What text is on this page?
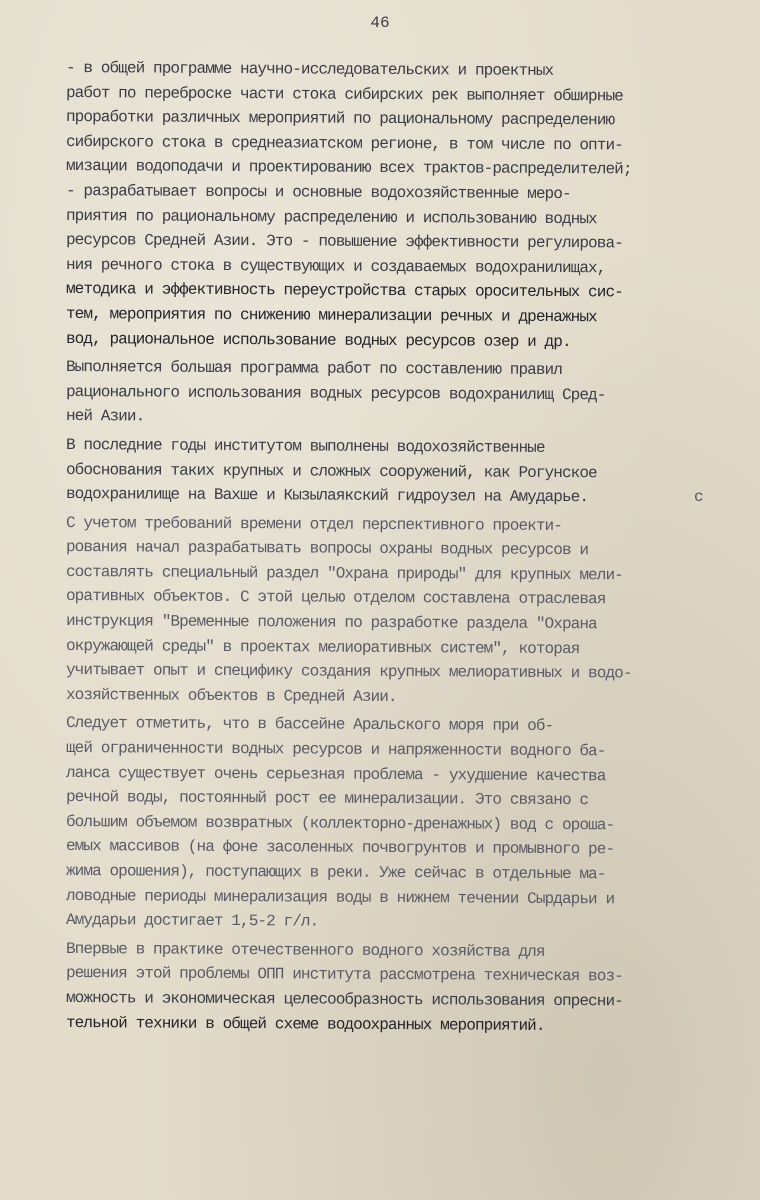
46
c
- в общей программе научно-исследовательских и проектных
работ по переброске части стока сибирских рек выполняет обширные
проработки различных мероприятий по рациональному распределению
сибирского стока в среднеазиатском регионе, в том числе по опти-
мизации водоподачи и проектированию всех трактов-распределителей;
- разрабатывает вопросы и основные водохозяйственные меро-
приятия по рациональному распределению и использованию водных
ресурсов Средней Азии. Это - повышение эффективности регулирова-
ния речного стока в существующих и создаваемых водохранилищах,
методика и эффективность переустройства старых оросительных сис-
тем, мероприятия по снижению минерализации речных и дренажных
вод, рациональное использование водных ресурсов озер и др.
Выполняется большая программа работ по составлению правил
рационального использования водных ресурсов водохранилищ Сред-
ней Азии.
В последние годы институтом выполнены водохозяйственные
обоснования таких крупных и сложных сооружений, как Рогунское
водохранилище на Вахше и Кызылаякский гидроузел на Амударье.
С учетом требований времени отдел перспективного проекти-
рования начал разрабатывать вопросы охраны водных ресурсов и
составлять специальный раздел "Охрана природы" для крупных мели-
оративных объектов. С этой целью отделом составлена отраслевая
инструкция "Временные положения по разработке раздела "Охрана
окружающей среды" в проектах мелиоративных систем", которая
учитывает опыт и специфику создания крупных мелиоративных и водо-
хозяйственных объектов в Средней Азии.
Следует отметить, что в бассейне Аральского моря при об-
щей ограниченности водных ресурсов и напряженности водного ба-
ланса существует очень серьезная проблема - ухудшение качества
речной воды, постоянный рост ее минерализации. Это связано с
большим объемом возвратных (коллекторно-дренажных) вод с ороша-
емых массивов (на фоне засоленных почвогрунтов и промывного ре-
жима орошения), поступающих в реки. Уже сейчас в отдельные ма-
ловодные периоды минерализация воды в нижнем течении Сырдарьи и
Амударьи достигает 1,5-2 г/л.
Впервые в практике отечественного водного хозяйства для
решения этой проблемы ОПП института рассмотрена техническая воз-
можность и экономическая целесообразность использования опресни-
тельной техники в общей схеме водоохранных мероприятий.
